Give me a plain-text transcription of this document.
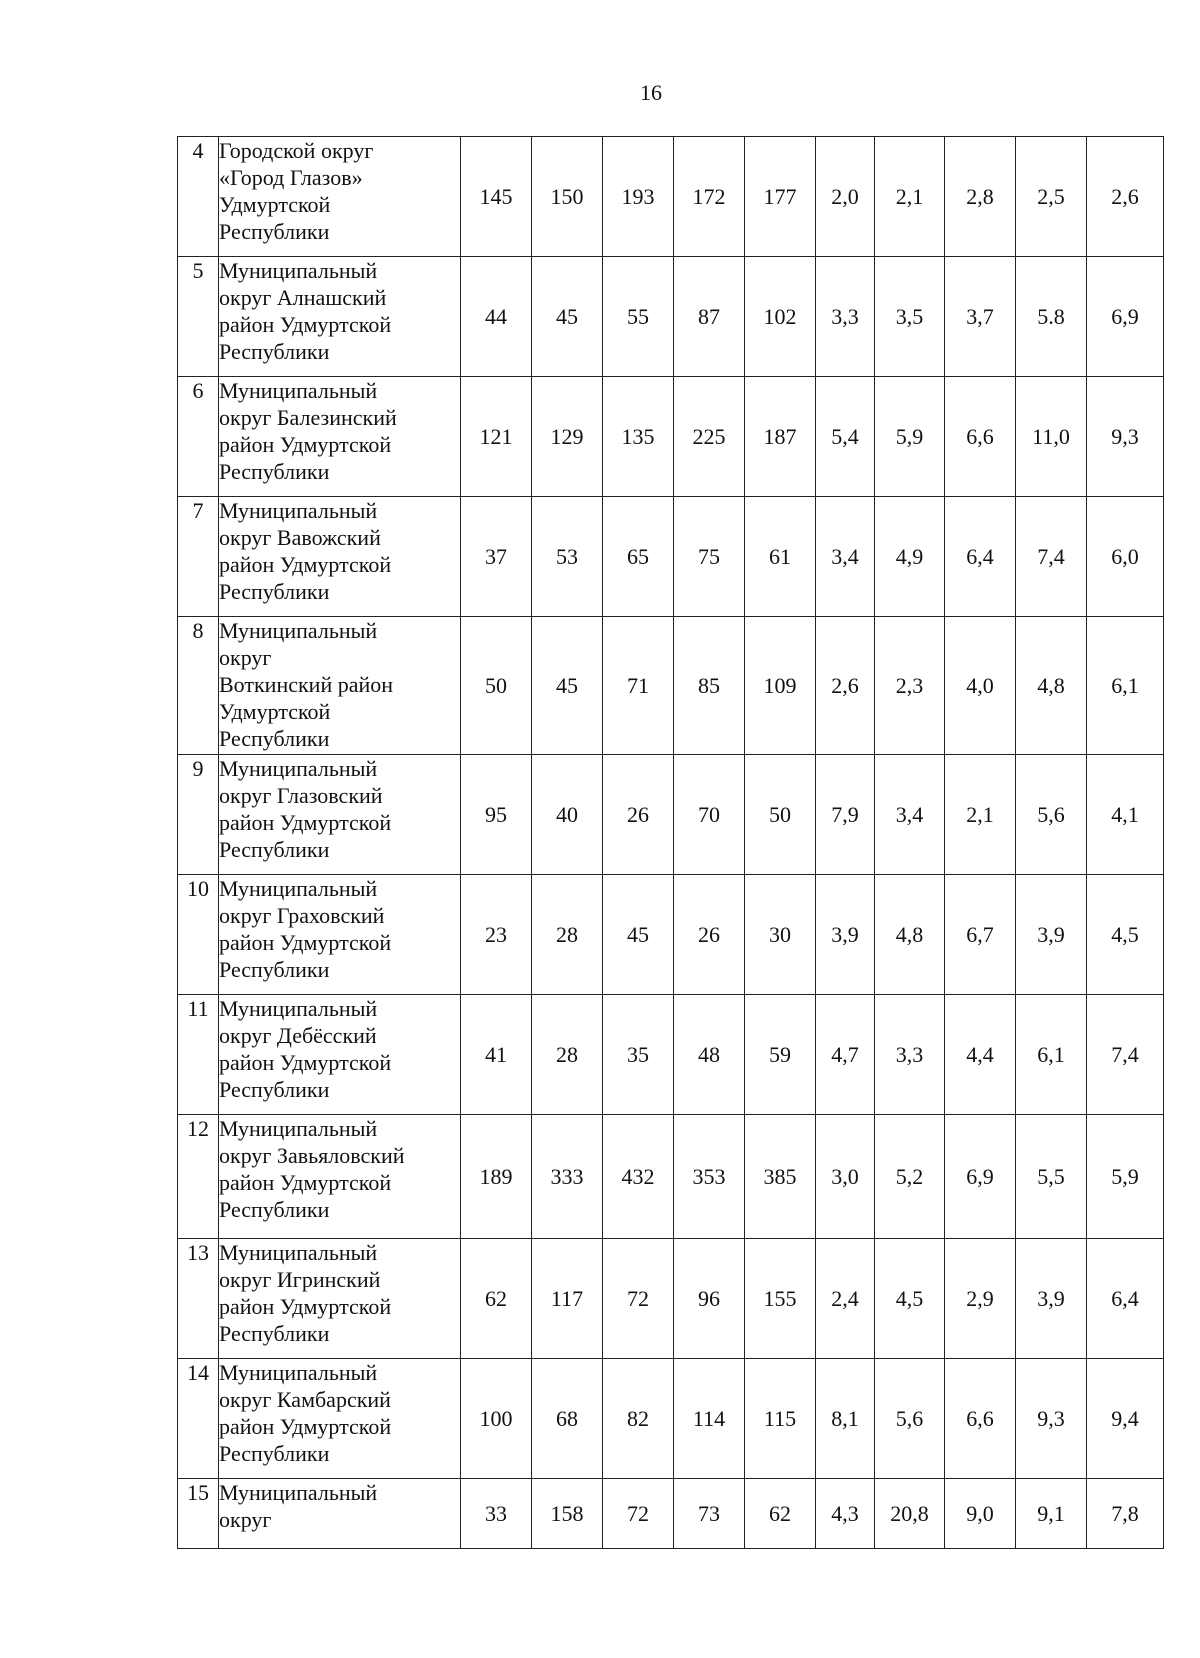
16
4	Городской округ
«Город Глазов»
Удмуртской
Республики	145	150	193	172	177	2,0	2,1	2,8	2,5	2,6
5	Муниципальный
округ Алнашский
район Удмуртской
Республики	44	45	55	87	102	3,3	3,5	3,7	5.8	6,9
6	Муниципальный
округ Балезинский
район Удмуртской
Республики	121	129	135	225	187	5,4	5,9	6,6	11,0	9,3
7	Муниципальный
округ Вавожский
район Удмуртской
Республики	37	53	65	75	61	3,4	4,9	6,4	7,4	6,0
8	Муниципальный
округ
Воткинский район
Удмуртской
Республики	50	45	71	85	109	2,6	2,3	4,0	4,8	6,1
9	Муниципальный
округ Глазовский
район Удмуртской
Республики	95	40	26	70	50	7,9	3,4	2,1	5,6	4,1
10	Муниципальный
округ Граховский
район Удмуртской
Республики	23	28	45	26	30	3,9	4,8	6,7	3,9	4,5
11	Муниципальный
округ Дебёсский
район Удмуртской
Республики	41	28	35	48	59	4,7	3,3	4,4	6,1	7,4
12	Муниципальный
округ Завьяловский
район Удмуртской
Республики	189	333	432	353	385	3,0	5,2	6,9	5,5	5,9
13	Муниципальный
округ Игринский
район Удмуртской
Республики	62	117	72	96	155	2,4	4,5	2,9	3,9	6,4
14	Муниципальный
округ Камбарский
район Удмуртской
Республики	100	68	82	114	115	8,1	5,6	6,6	9,3	9,4
15	Муниципальный
округ	33	158	72	73	62	4,3	20,8	9,0	9,1	7,8
